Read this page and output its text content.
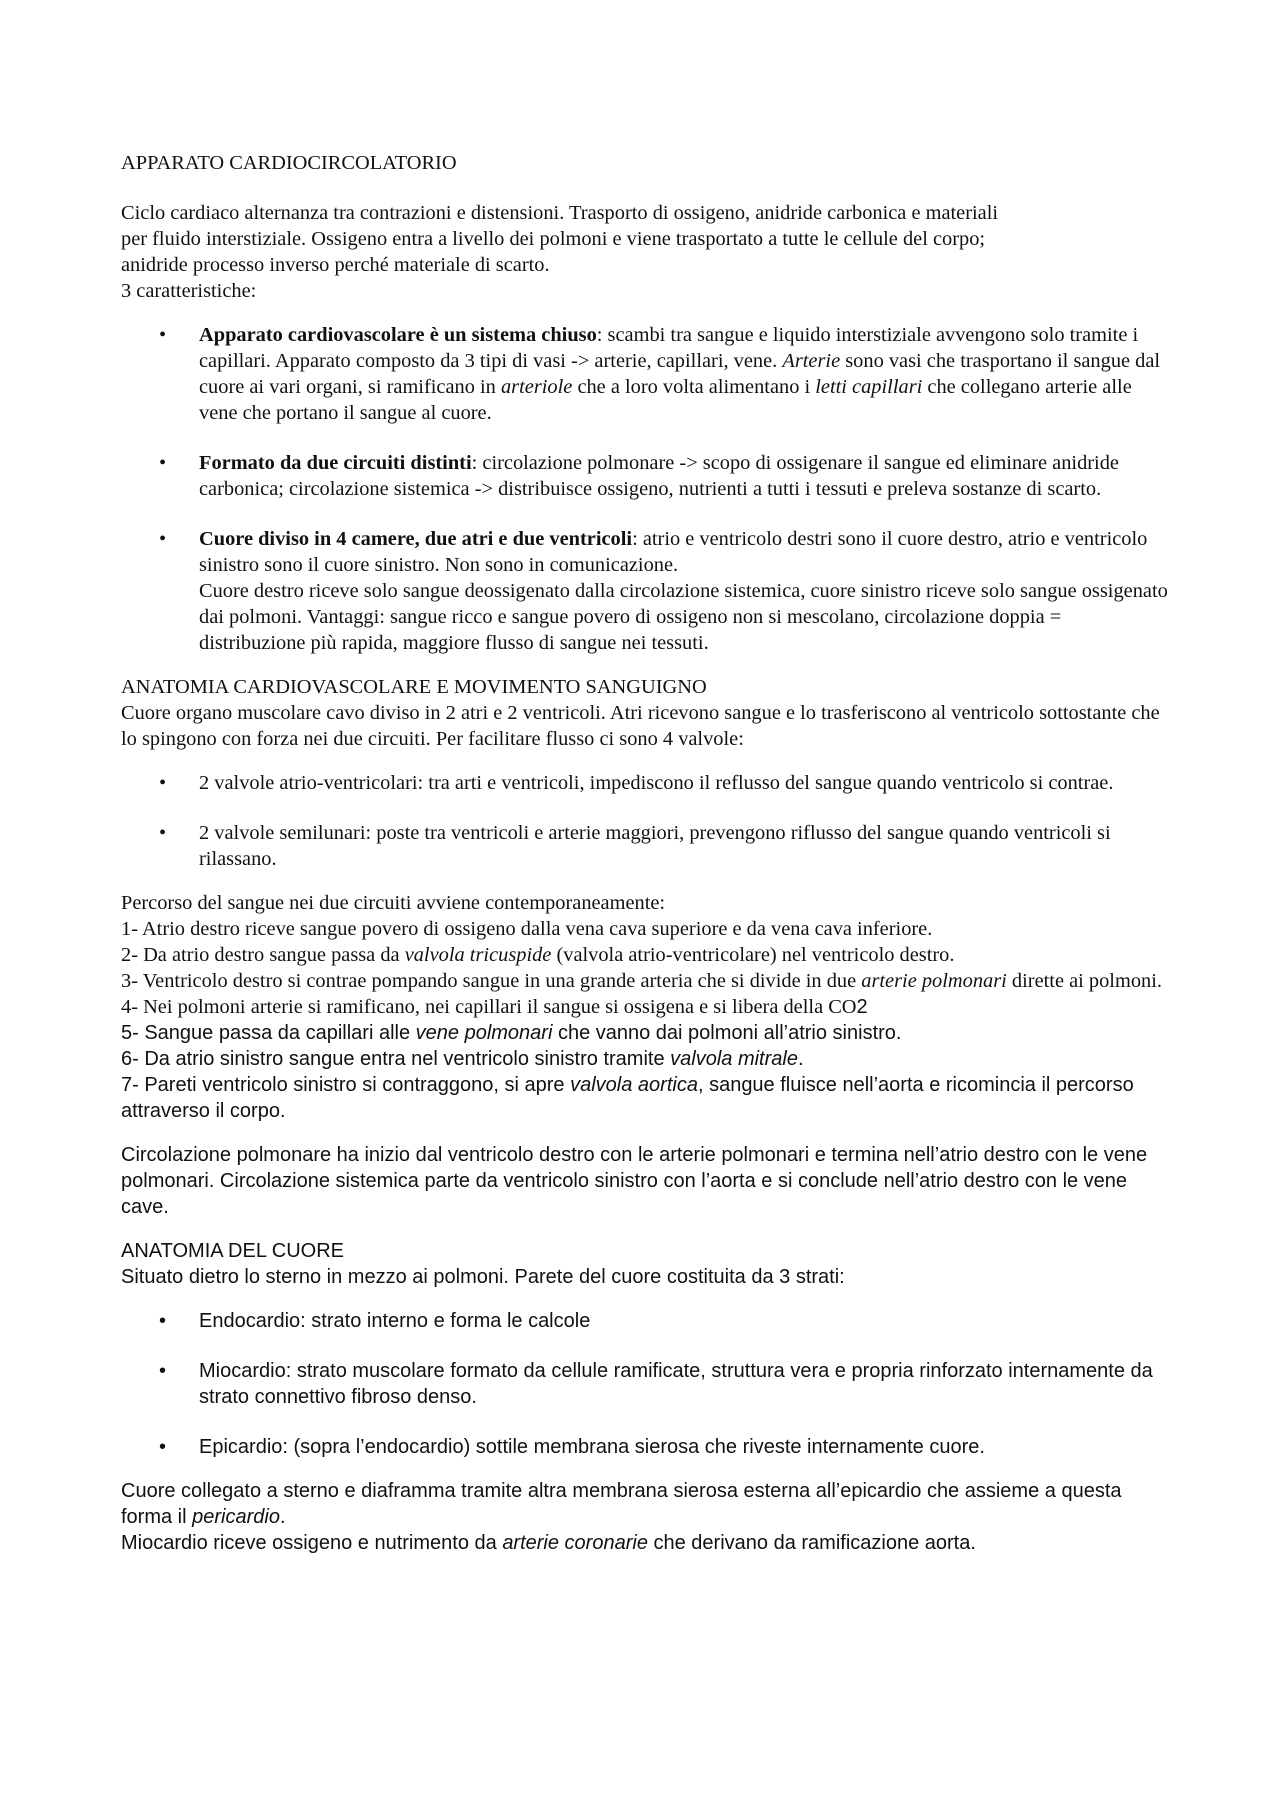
APPARATO CARDIOCIRCOLATORIO

Ciclo cardiaco alternanza tra contrazioni e distensioni. Trasporto di ossigeno, anidride carbonica e materiali

per fluido interstiziale. Ossigeno entra a livello dei polmoni e viene trasportato a tutte le cellule del corpo;

anidride processo inverso perché materiale di scarto.

3 caratteristiche:

• Apparato cardiovascolare è un sistema chiuso: scambi tra sangue e liquido interstiziale avvengono solo tramite i capillari. Apparato composto da 3 tipi di vasi -> arterie, capillari, vene. Arterie sono vasi che trasportano il sangue dal cuore ai vari organi, si ramificano in arteriole che a loro volta alimentano i letti capillari che collegano arterie alle vene che portano il sangue al cuore.
• Formato da due circuiti distinti: circolazione polmonare -> scopo di ossigenare il sangue ed eliminare anidride carbonica; circolazione sistemica -> distribuisce ossigeno, nutrienti a tutti i tessuti e preleva sostanze di scarto.
• Cuore diviso in 4 camere, due atri e due ventricoli: atrio e ventricolo destri sono il cuore destro, atrio e ventricolo sinistro sono il cuore sinistro. Non sono in comunicazione.
Cuore destro riceve solo sangue deossigenato dalla circolazione sistemica, cuore sinistro riceve solo sangue ossigenato dai polmoni. Vantaggi: sangue ricco e sangue povero di ossigeno non si mescolano, circolazione doppia = distribuzione più rapida, maggiore flusso di sangue nei tessuti.

ANATOMIA CARDIOVASCOLARE E MOVIMENTO SANGUIGNO

Cuore organo muscolare cavo diviso in 2 atri e 2 ventricoli. Atri ricevono sangue e lo trasferiscono al ventricolo sottostante che lo spingono con forza nei due circuiti. Per facilitare flusso ci sono 4 valvole:

• 2 valvole atrio-ventricolari: tra arti e ventricoli, impediscono il reflusso del sangue quando ventricolo si contrae.
• 2 valvole semilunari: poste tra ventricoli e arterie maggiori, prevengono riflusso del sangue quando ventricoli si rilassano.

Percorso del sangue nei due circuiti avviene contemporaneamente:

1- Atrio destro riceve sangue povero di ossigeno dalla vena cava superiore e da vena cava inferiore.

2- Da atrio destro sangue passa da valvola tricuspide (valvola atrio-ventricolare) nel ventricolo destro.

3- Ventricolo destro si contrae pompando sangue in una grande arteria che si divide in due arterie polmonari dirette ai polmoni.

4- Nei polmoni arterie si ramificano, nei capillari il sangue si ossigena e si libera della CO2

5- Sangue passa da capillari alle vene polmonari che vanno dai polmoni all’atrio sinistro.

6- Da atrio sinistro sangue entra nel ventricolo sinistro tramite valvola mitrale.

7- Pareti ventricolo sinistro si contraggono, si apre valvola aortica, sangue fluisce nell’aorta e ricomincia il percorso attraverso il corpo.

Circolazione polmonare ha inizio dal ventricolo destro con le arterie polmonari e termina nell’atrio destro con le vene polmonari. Circolazione sistemica parte da ventricolo sinistro con l’aorta e si conclude nell’atrio destro con le vene cave.

ANATOMIA DEL CUORE

Situato dietro lo sterno in mezzo ai polmoni. Parete del cuore costituita da 3 strati:

• Endocardio: strato interno e forma le calcole
• Miocardio: strato muscolare formato da cellule ramificate, struttura vera e propria rinforzato internamente da strato connettivo fibroso denso.
• Epicardio: (sopra l’endocardio) sottile membrana sierosa che riveste internamente cuore.

Cuore collegato a sterno e diaframma tramite altra membrana sierosa esterna all’epicardio che assieme a questa forma il pericardio.

Miocardio riceve ossigeno e nutrimento da arterie coronarie che derivano da ramificazione aorta.
